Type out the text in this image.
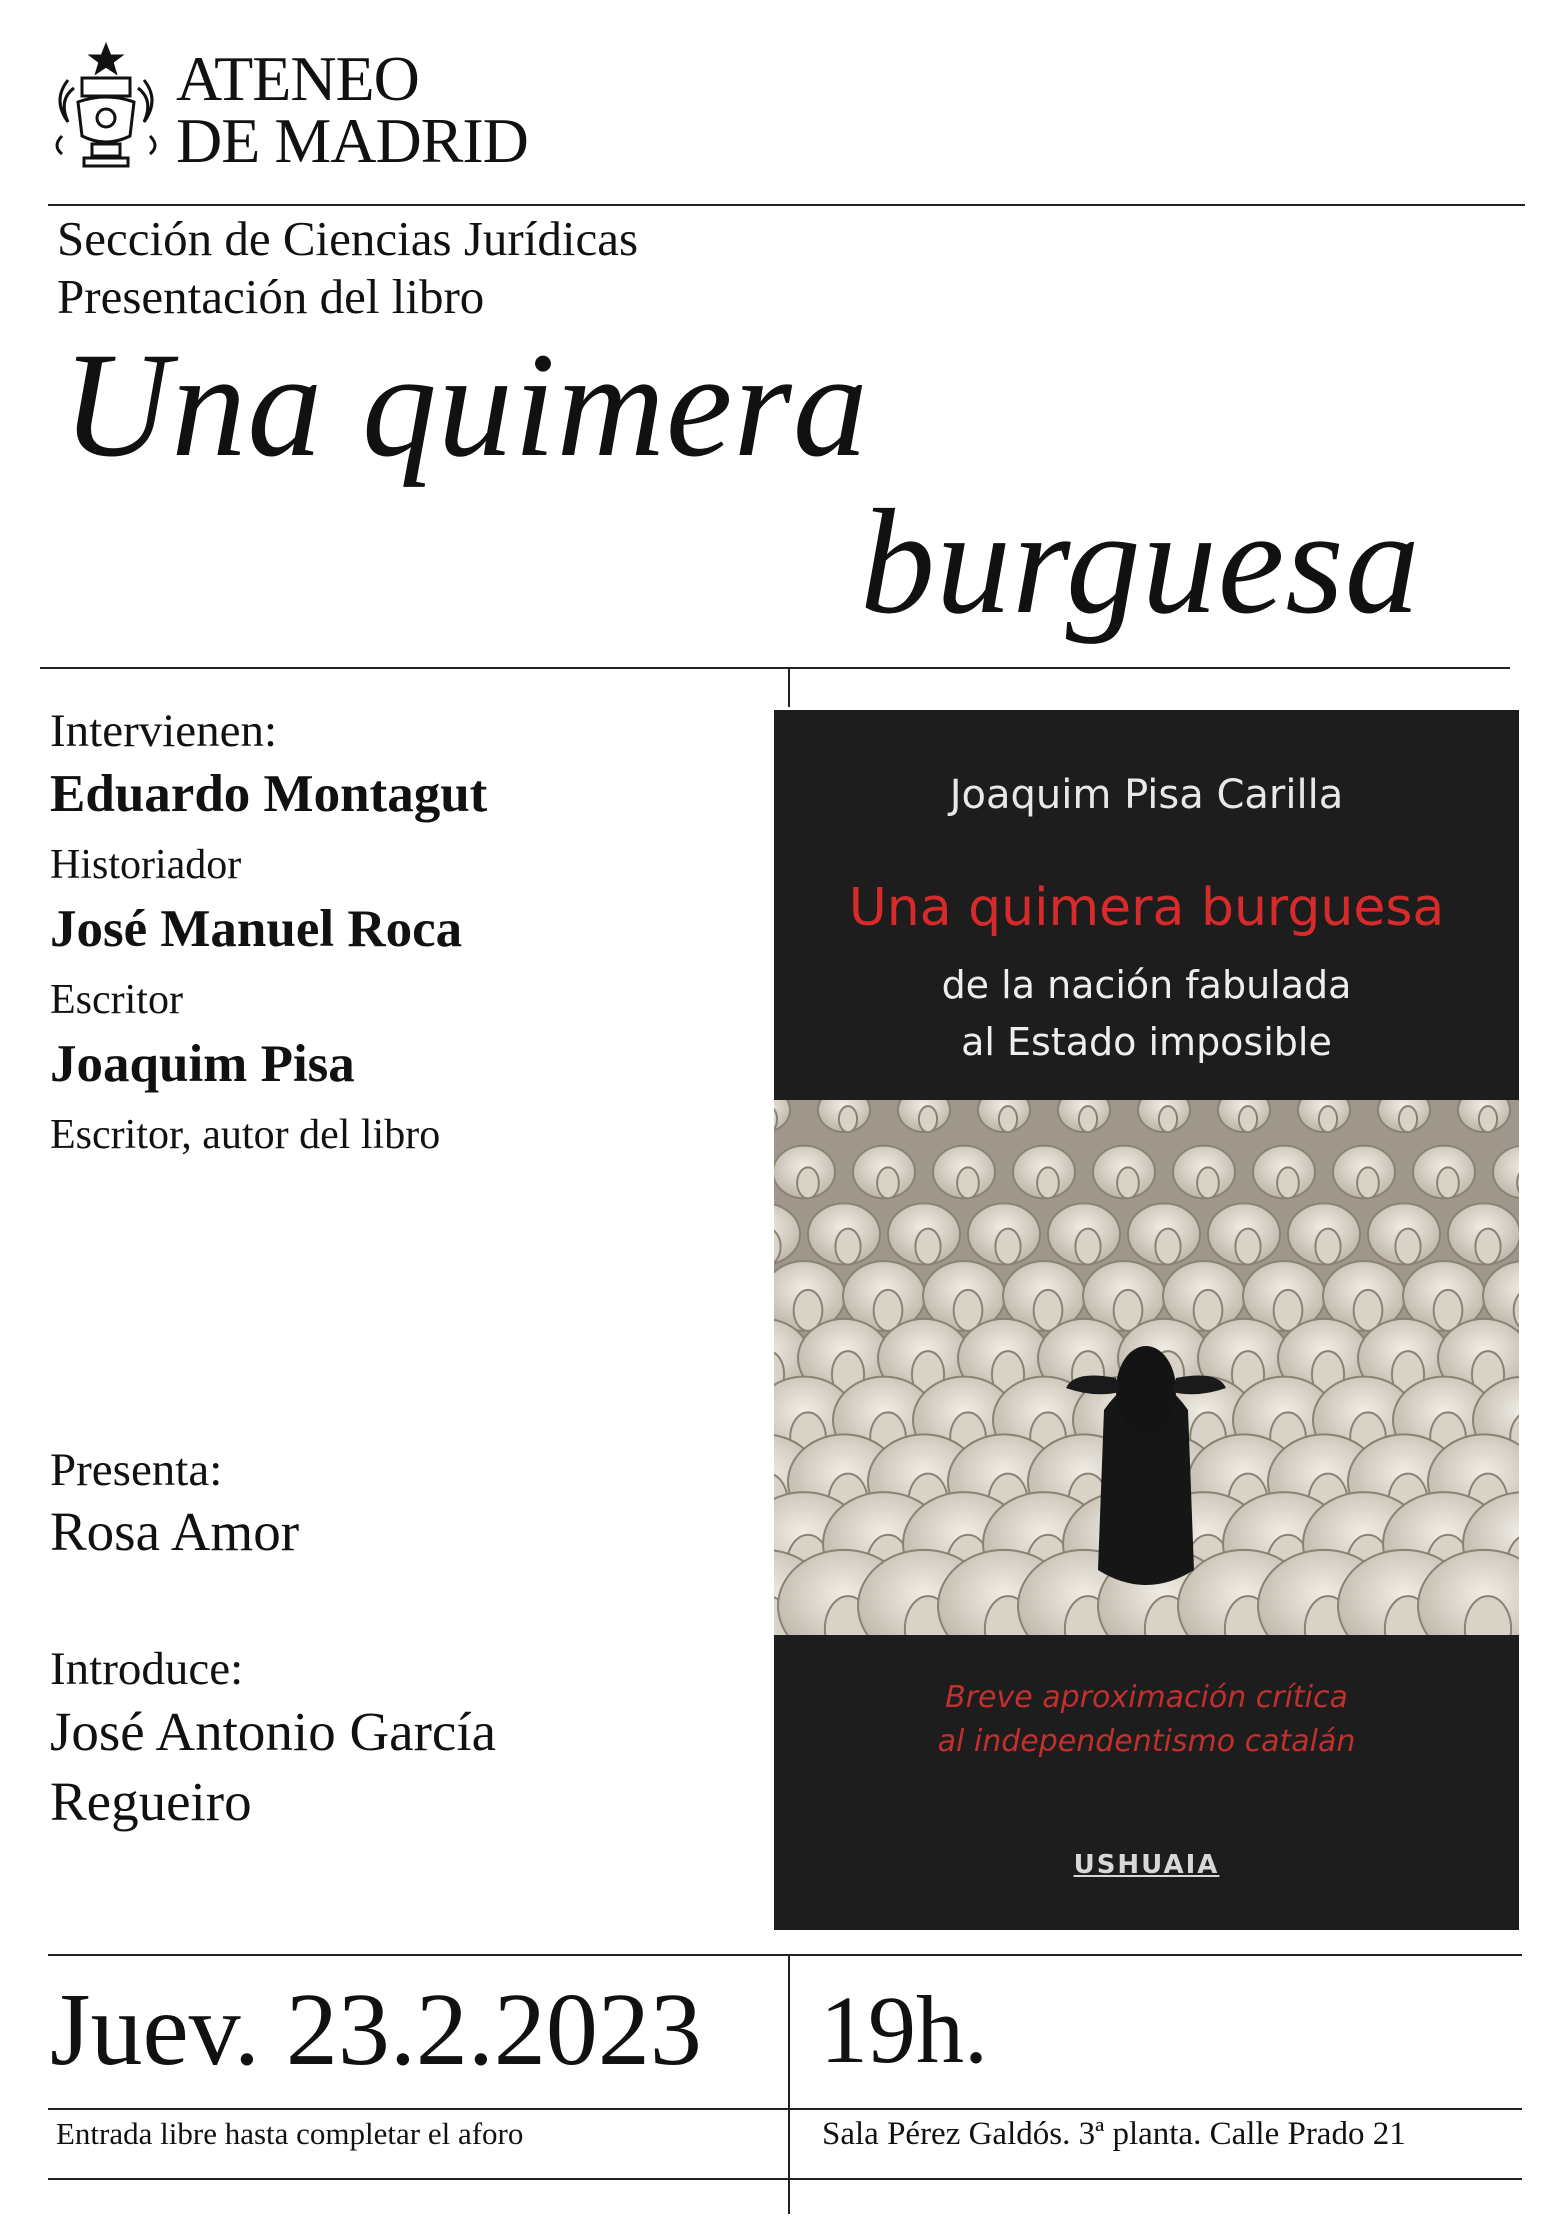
ATENEO
DE MADRID
Sección de Ciencias Jurídicas
Presentación del libro
Una quimera
burguesa
Intervienen:
Eduardo Montagut
Historiador
José Manuel Roca
Escritor
Joaquim Pisa
Escritor, autor del libro
Presenta:
Rosa Amor
Introduce:
José Antonio García
Regueiro
Joaquim Pisa Carilla
Una quimera burguesa
de la nación fabulada
al Estado imposible
Breve aproximación crítica
al independentismo catalán
USHUAIA
Juev. 23.2.2023 19h.
Entrada libre hasta completar el aforo	Sala Pérez Galdós. 3ª planta. Calle Prado 21
